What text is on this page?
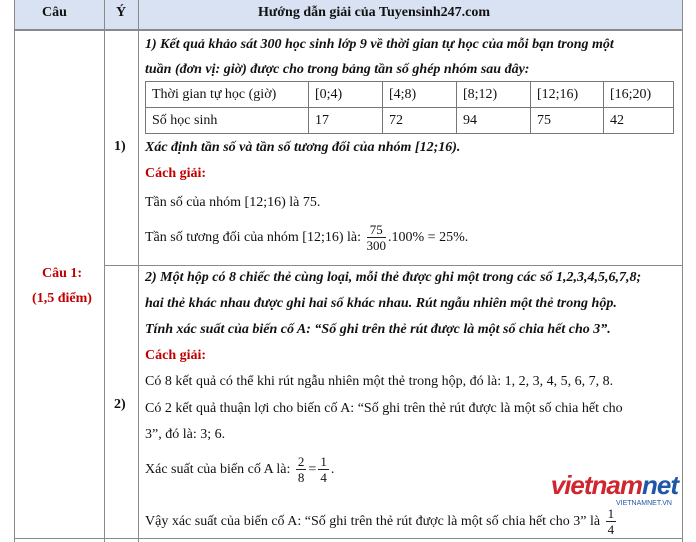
Câu	Ý	Hướng dẫn giải của Tuyensinh247.com
Câu 1:
(1,5 điểm)
1)
1) Kết quả khảo sát 300 học sinh lớp 9 về thời gian tự học của mỗi bạn trong một
tuần (đơn vị: giờ) được cho trong bảng tần số ghép nhóm sau đây:
Thời gian tự học (giờ)	[0;4)	[4;8)	[8;12)	[12;16)	[16;20)
Số học sinh	17	72	94	75	42
Xác định tần số và tần số tương đối của nhóm [12;16).
Cách giải:
Tần số của nhóm [12;16) là 75.
Tần số tương đối của nhóm [12;16) là: $\frac{75}{300} .100\% = 25\%$.
2)
2) Một hộp có 8 chiếc thẻ cùng loại, mỗi thẻ được ghi một trong các số 1,2,3,4,5,6,7,8;
hai thẻ khác nhau được ghi hai số khác nhau. Rút ngẫu nhiên một thẻ trong hộp.
Tính xác suất của biến cố A: “Số ghi trên thẻ rút được là một số chia hết cho 3”.
Cách giải:
Có 8 kết quả có thể khi rút ngẫu nhiên một thẻ trong hộp, đó là: 1, 2, 3, 4, 5, 6, 7, 8.
Có 2 kết quả thuận lợi cho biến cố A: “Số ghi trên thẻ rút được là một số chia hết cho
3”, đó là: 3; 6.
Xác suất của biến cố A là: $\frac{2}{8} = \frac{1}{4}$ .
Vậy xác suất của biến cố A: “Số ghi trên thẻ rút được là một số chia hết cho 3” là $\frac{1}{4}$
vietnamnet
VIETNAMNET.VN
